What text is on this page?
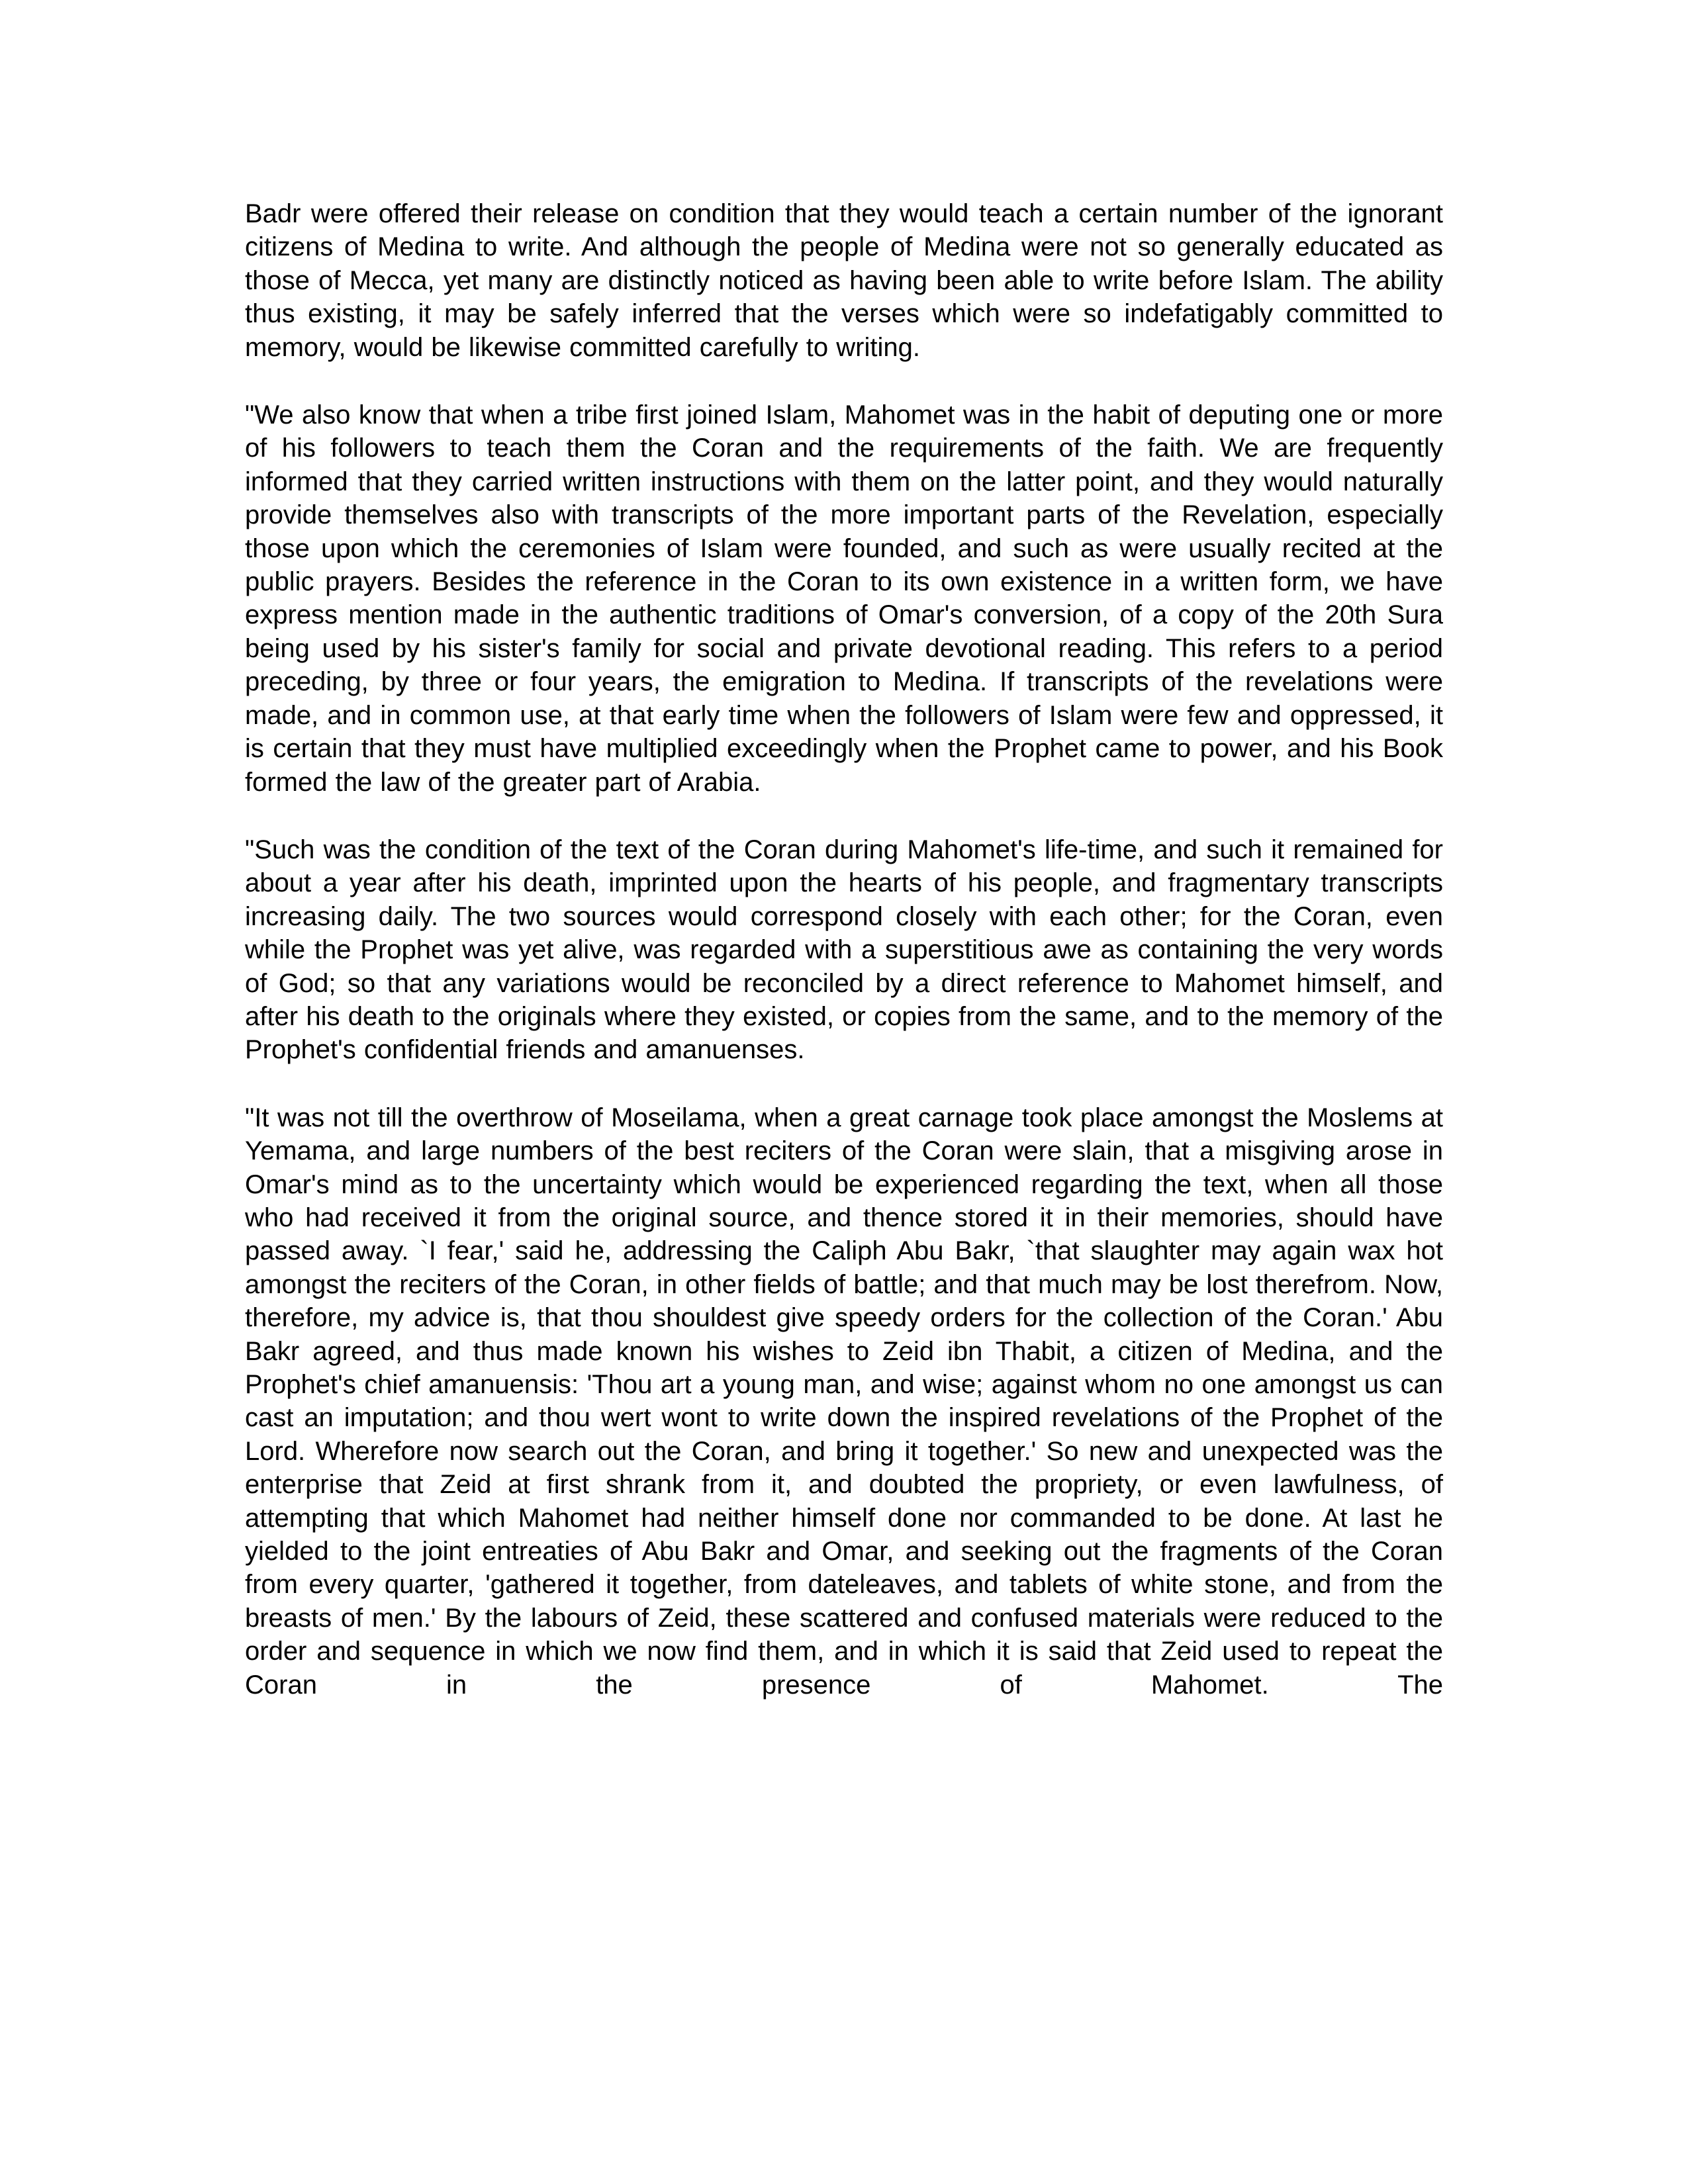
Badr were offered their release on condition that they would teach a certain number of the ignorant citizens of Medina to write. And although the people of Medina were not so generally educated as those of Mecca, yet many are distinctly noticed as having been able to write before Islam. The ability thus existing, it may be safely inferred that the verses which were so indefatigably committed to memory, would be likewise committed carefully to writing.

"We also know that when a tribe first joined Islam, Mahomet was in the habit of deputing one or more of his followers to teach them the Coran and the requirements of the faith. We are frequently informed that they carried written instructions with them on the latter point, and they would naturally provide themselves also with transcripts of the more important parts of the Revelation, especially those upon which the ceremonies of Islam were founded, and such as were usually recited at the public prayers. Besides the reference in the Coran to its own existence in a written form, we have express mention made in the authentic traditions of Omar's conversion, of a copy of the 20th Sura being used by his sister's family for social and private devotional reading. This refers to a period preceding, by three or four years, the emigration to Medina. If transcripts of the revelations were made, and in common use, at that early time when the followers of Islam were few and oppressed, it is certain that they must have multiplied exceedingly when the Prophet came to power, and his Book formed the law of the greater part of Arabia.

"Such was the condition of the text of the Coran during Mahomet's life-time, and such it remained for about a year after his death, imprinted upon the hearts of his people, and fragmentary transcripts increasing daily. The two sources would correspond closely with each other; for the Coran, even while the Prophet was yet alive, was regarded with a superstitious awe as containing the very words of God; so that any variations would be reconciled by a direct reference to Mahomet himself, and after his death to the originals where they existed, or copies from the same, and to the memory of the Prophet's confidential friends and amanuenses.

"It was not till the overthrow of Moseilama, when a great carnage took place amongst the Moslems at Yemama, and large numbers of the best reciters of the Coran were slain, that a misgiving arose in Omar's mind as to the uncertainty which would be experienced regarding the text, when all those who had received it from the original source, and thence stored it in their memories, should have passed away. `I fear,' said he, addressing the Caliph Abu Bakr, `that slaughter may again wax hot amongst the reciters of the Coran, in other fields of battle; and that much may be lost therefrom. Now, therefore, my advice is, that thou shouldest give speedy orders for the collection of the Coran.' Abu Bakr agreed, and thus made known his wishes to Zeid ibn Thabit, a citizen of Medina, and the Prophet's chief amanuensis: 'Thou art a young man, and wise; against whom no one amongst us can cast an imputation; and thou wert wont to write down the inspired revelations of the Prophet of the Lord. Wherefore now search out the Coran, and bring it together.' So new and unexpected was the enterprise that Zeid at first shrank from it, and doubted the propriety, or even lawfulness, of attempting that which Mahomet had neither himself done nor commanded to be done. At last he yielded to the joint entreaties of Abu Bakr and Omar, and seeking out the fragments of the Coran from every quarter, 'gathered it together, from dateleaves, and tablets of white stone, and from the breasts of men.' By the labours of Zeid, these scattered and confused materials were reduced to the order and sequence in which we now find them, and in which it is said that Zeid used to repeat the Coran in the presence of Mahomet. The
